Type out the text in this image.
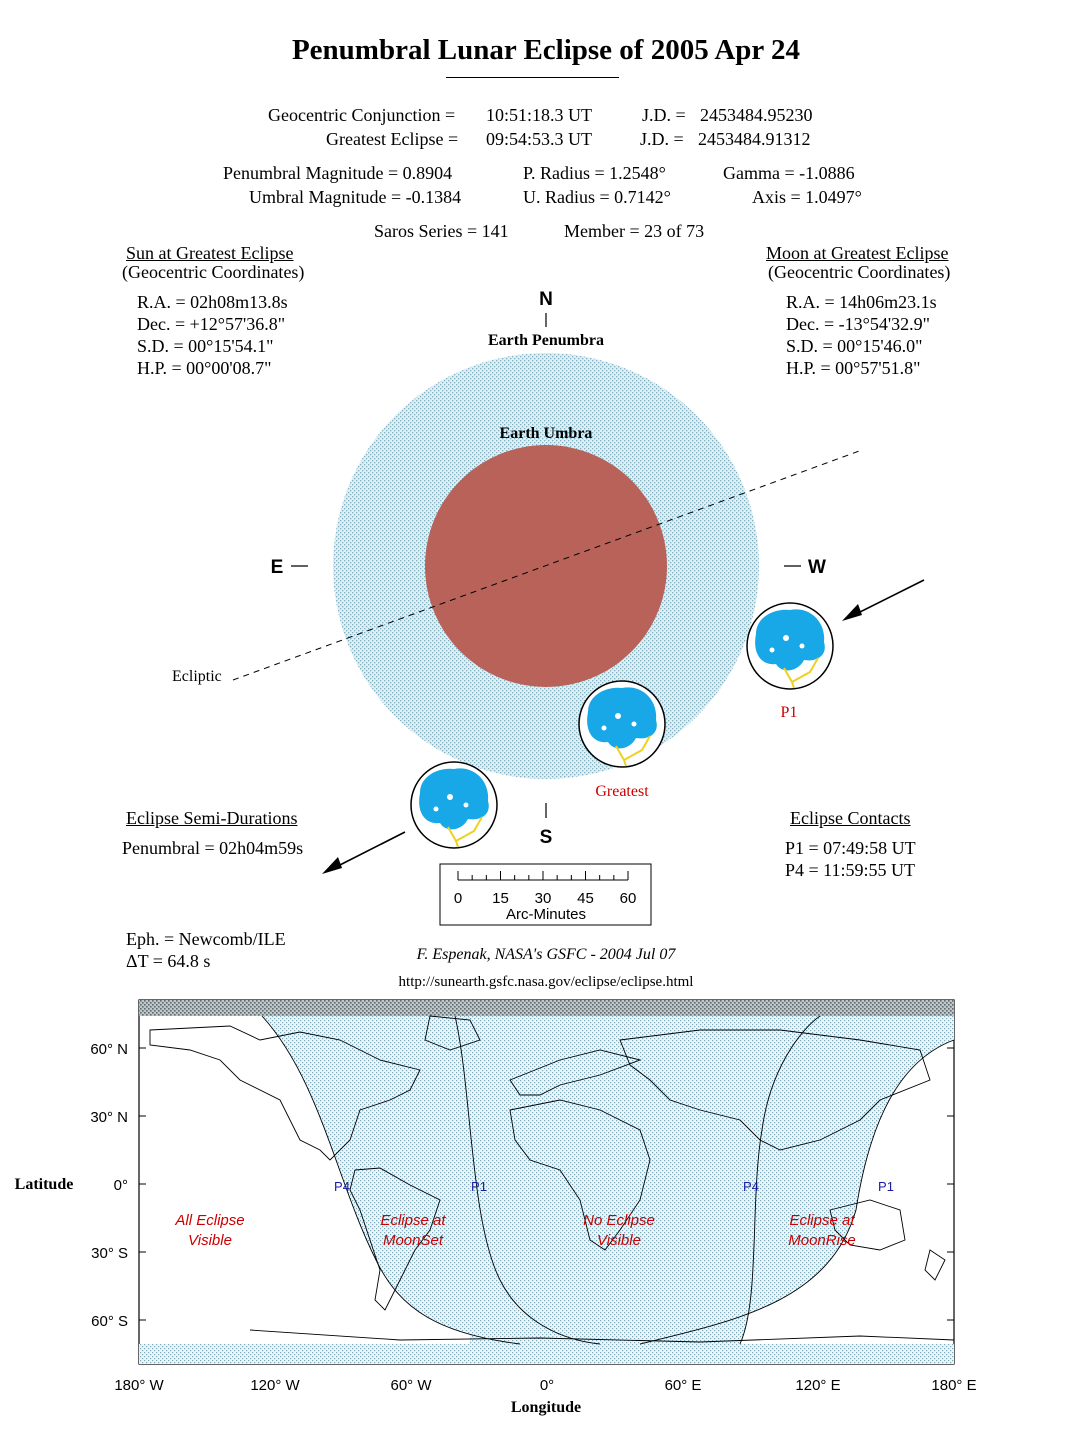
Penumbral Lunar Eclipse of 2005 Apr 24
Geocentric Conjunction = 10:51:18.3 UT	J.D. = 2453484.95230
Greatest Eclipse = 09:54:53.3 UT	J.D. = 2453484.91312
Penumbral Magnitude = 0.8904	P. Radius = 1.2548°	Gamma = -1.0886
Umbral Magnitude = -0.1384	U. Radius = 0.7142°	Axis = 1.0497°
Saros Series = 141	Member = 23 of 73
Sun at Greatest Eclipse
(Geocentric Coordinates)
R.A. = 02h08m13.8s
Dec. = +12°57'36.8"
S.D. = 00°15'54.1"
H.P. = 00°00'08.7"
Moon at Greatest Eclipse
(Geocentric Coordinates)
R.A. = 14h06m23.1s
Dec. = -13°54'32.9"
S.D. = 00°15'46.0"
H.P. = 00°57'51.8"
N
S
E	W
Earth Penumbra
Earth Umbra
Ecliptic
P1
Greatest
0 15 30 45 60
Arc-Minutes
Eclipse Semi-Durations
Penumbral = 02h04m59s
Eclipse Contacts
P1 = 07:49:58 UT
P4 = 11:59:55 UT
Eph. = Newcomb/ILE
ΔT = 64.8 s	F. Espenak, NASA's GSFC - 2004 Jul 07
http://sunearth.gsfc.nasa.gov/eclipse/eclipse.html
60° N
30° N
0°
30° S
60° S
180° W	120° W	60° W	0°	60° E	120° E	180° E
Latitude
Longitude
All Eclipse
Visible
Eclipse at
MoonSet
No Eclipse
Visible
Eclipse at
MoonRise
P4	P1	P4	P1
